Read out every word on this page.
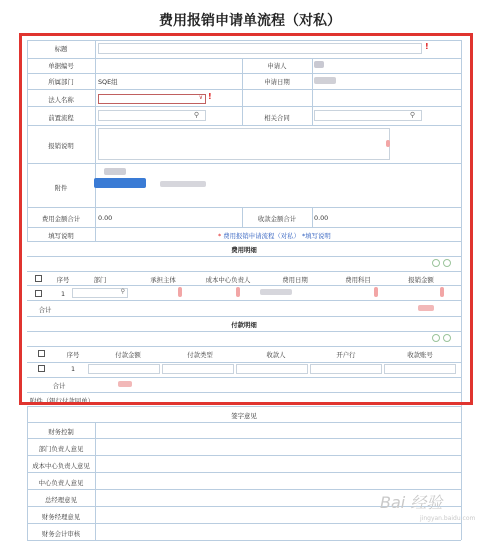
费用报销申请单流程（对私）
标题	!
单据编号	申请人
所属部门	SQE组	申请日期
法人名称	∨ !
前置流程	⚲	相关合同	⚲
报销说明
附件
费用金额合计	0.00	收款金额合计	0.00
填写说明	* 费用报销申请流程（对私） *填写说明
费用明细
序号	部门	承担主体	成本中心负责人	费用日期	费用科目	报销金额
1	⚲
合计
付款明细
序号	付款金额	付款类型	收款人	开户行	收款账号
1
合计
附件（银行付款回单）
签字意见
财务控制
部门负责人意见
成本中心负责人意见
中心负责人意见
总经理意见
财务经理意见
财务会计审核
Bai 经验
jingyan.baidu.com
